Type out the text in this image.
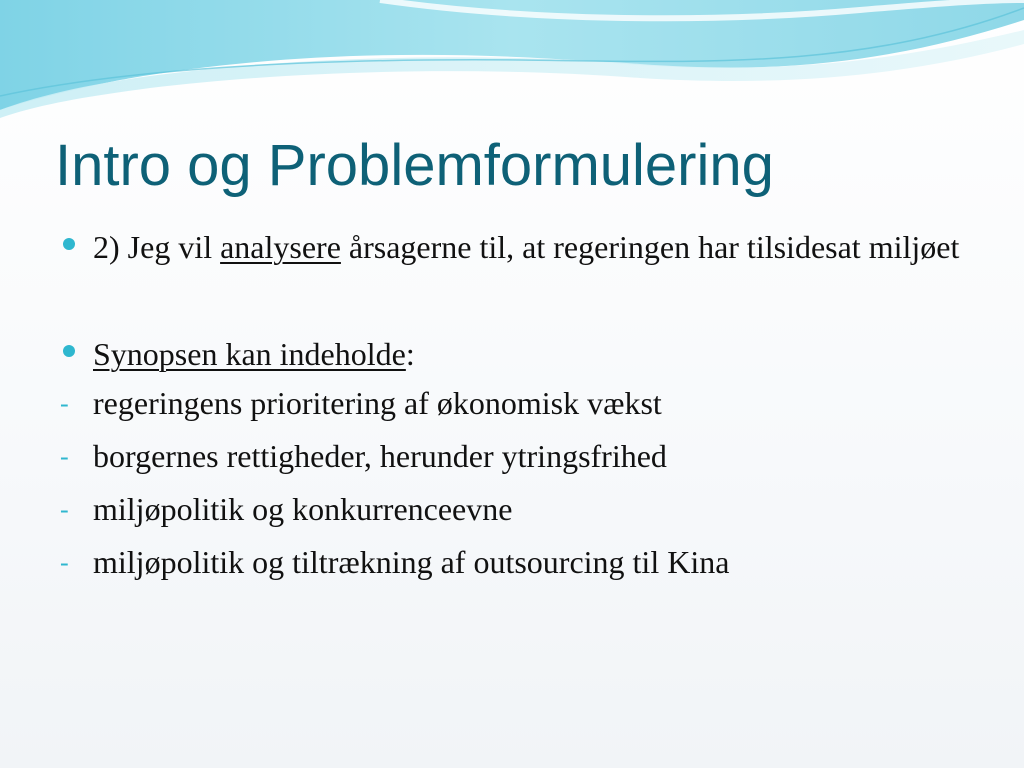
Intro og Problemformulering

2) Jeg vil analysere årsagerne til, at regeringen har tilsidesat miljøet

Synopsen kan indeholde:

- regeringens prioritering af økonomisk vækst

- borgernes rettigheder, herunder ytringsfrihed

- miljøpolitik og konkurrenceevne

- miljøpolitik og tiltrækning af outsourcing til Kina
